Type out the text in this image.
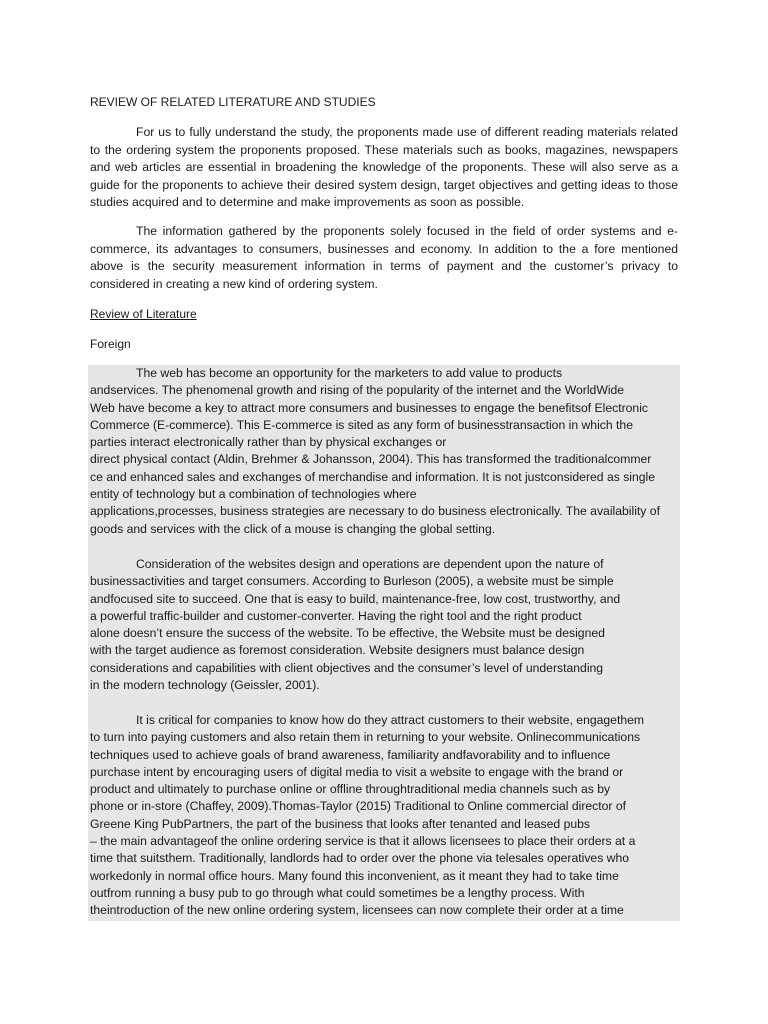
REVIEW OF RELATED LITERATURE AND STUDIES

For us to fully understand the study, the proponents made use of different reading materials related to the ordering system the proponents proposed. These materials such as books, magazines, newspapers and web articles are essential in broadening the knowledge of the proponents. These will also serve as a guide for the proponents to achieve their desired system design, target objectives and getting ideas to those studies acquired and to determine and make improvements as soon as possible.

The information gathered by the proponents solely focused in the field of order systems and e-commerce, its advantages to consumers, businesses and economy. In addition to the a fore mentioned above is the security measurement information in terms of payment and the customer’s privacy to considered in creating a new kind of ordering system.

Review of Literature
Foreign
The web has become an opportunity for the marketers to add value to products
andservices. The phenomenal growth and rising of the popularity of the internet and the WorldWide
Web have become a key to attract more consumers and businesses to engage the benefitsof Electronic
Commerce (E-commerce). This E-commerce is sited as any form of businesstransaction in which the
parties interact electronically rather than by physical exchanges or
direct physical contact (Aldin, Brehmer & Johansson, 2004). This has transformed the traditionalcommer
ce and enhanced sales and exchanges of merchandise and information. It is not justconsidered as single
entity of technology but a combination of technologies where
applications,processes, business strategies are necessary to do business electronically. The availability of
goods and services with the click of a mouse is changing the global setting.
Consideration of the websites design and operations are dependent upon the nature of
businessactivities and target consumers. According to Burleson (2005), a website must be simple
andfocused site to succeed. One that is easy to build, maintenance-free, low cost, trustworthy, and
a powerful traffic-builder and customer-converter. Having the right tool and the right product
alone doesn’t ensure the success of the website. To be effective, the Website must be designed
with the target audience as foremost consideration. Website designers must balance design
considerations and capabilities with client objectives and the consumer’s level of understanding
in the modern technology (Geissler, 2001).
It is critical for companies to know how do they attract customers to their website, engagethem
to turn into paying customers and also retain them in returning to your website. Onlinecommunications
techniques used to achieve goals of brand awareness, familiarity andfavorability and to influence
purchase intent by encouraging users of digital media to visit a website to engage with the brand or
product and ultimately to purchase online or offline throughtraditional media channels such as by
phone or in-store (Chaffey, 2009).Thomas-Taylor (2015) Traditional to Online commercial director of
Greene King PubPartners, the part of the business that looks after tenanted and leased pubs
– the main advantageof the online ordering service is that it allows licensees to place their orders at a
time that suitsthem. Traditionally, landlords had to order over the phone via telesales operatives who
workedonly in normal office hours. Many found this inconvenient, as it meant they had to take time
outfrom running a busy pub to go through what could sometimes be a lengthy process. With
theintroduction of the new online ordering system, licensees can now complete their order at a time
